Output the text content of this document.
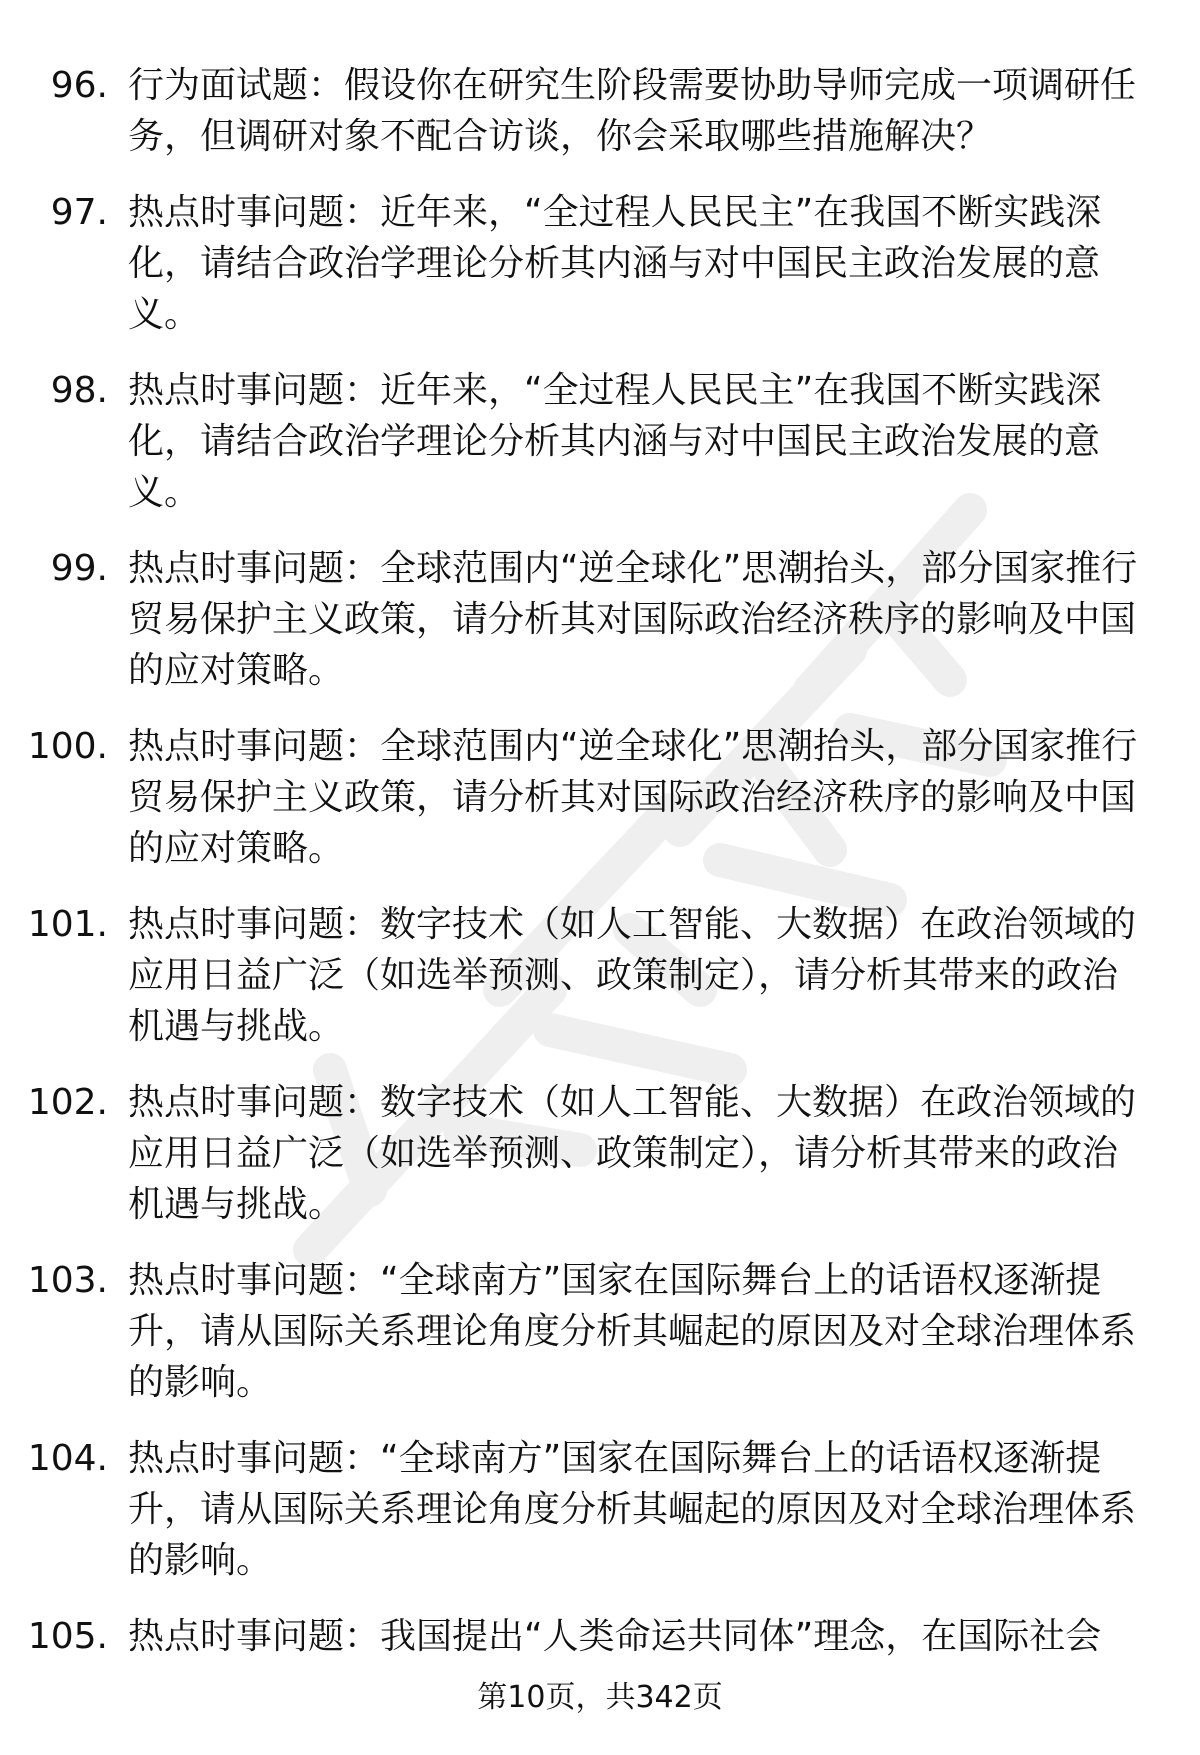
96. 行为面试题：假设你在研究生阶段需要协助导师完成一项调研任务，但调研对象不配合访谈，你会采取哪些措施解决？
97. 热点时事问题：近年来，“全过程人民民主”在我国不断实践深化，请结合政治学理论分析其内涵与对中国民主政治发展的意义。
98. 热点时事问题：近年来，“全过程人民民主”在我国不断实践深化，请结合政治学理论分析其内涵与对中国民主政治发展的意义。
99. 热点时事问题：全球范围内“逆全球化”思潮抬头，部分国家推行贸易保护主义政策，请分析其对国际政治经济秩序的影响及中国的应对策略。
100. 热点时事问题：全球范围内“逆全球化”思潮抬头，部分国家推行贸易保护主义政策，请分析其对国际政治经济秩序的影响及中国的应对策略。
101. 热点时事问题：数字技术（如人工智能、大数据）在政治领域的应用日益广泛（如选举预测、政策制定），请分析其带来的政治机遇与挑战。
102. 热点时事问题：数字技术（如人工智能、大数据）在政治领域的应用日益广泛（如选举预测、政策制定），请分析其带来的政治机遇与挑战。
103. 热点时事问题：“全球南方”国家在国际舞台上的话语权逐渐提升，请从国际关系理论角度分析其崛起的原因及对全球治理体系的影响。
104. 热点时事问题：“全球南方”国家在国际舞台上的话语权逐渐提升，请从国际关系理论角度分析其崛起的原因及对全球治理体系的影响。
105. 热点时事问题：我国提出“人类命运共同体”理念，在国际社会
第10页，共342页
